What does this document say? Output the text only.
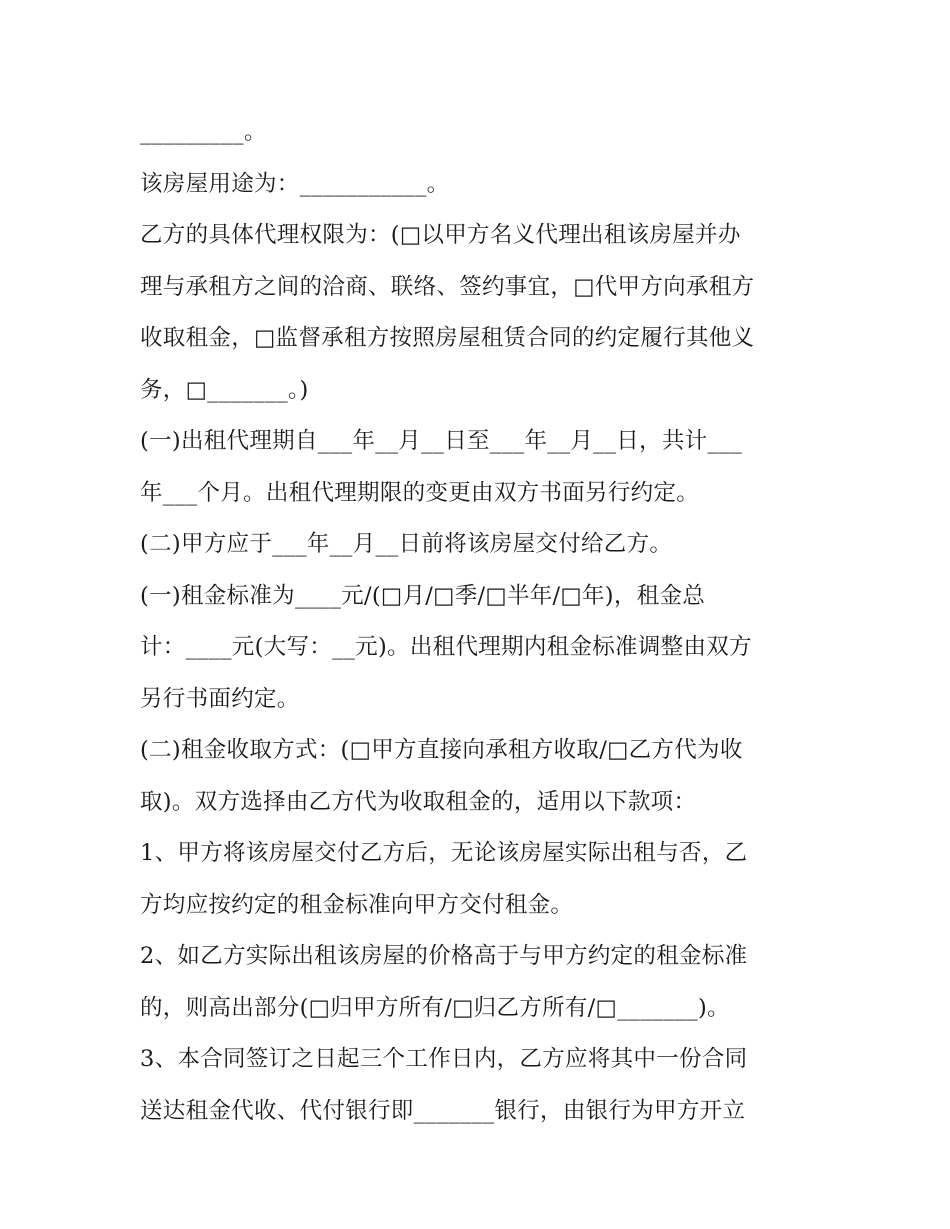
_________。
该房屋用途为：___________。
乙方的具体代理权限为：(□以甲方名义代理出租该房屋并办
理与承租方之间的洽商、联络、签约事宜，□代甲方向承租方
收取租金，□监督承租方按照房屋租赁合同的约定履行其他义
务，□_______。)
(一)出租代理期自___年__月__日至___年__月__日，共计___
年___个月。出租代理期限的变更由双方书面另行约定。
(二)甲方应于___年__月__日前将该房屋交付给乙方。
(一)租金标准为____元/(□月/□季/□半年/□年)，租金总
计：____元(大写：__元)。出租代理期内租金标准调整由双方
另行书面约定。
(二)租金收取方式：(□甲方直接向承租方收取/□乙方代为收
取)。双方选择由乙方代为收取租金的，适用以下款项：
1、甲方将该房屋交付乙方后，无论该房屋实际出租与否，乙
方均应按约定的租金标准向甲方交付租金。
2、如乙方实际出租该房屋的价格高于与甲方约定的租金标准
的，则高出部分(□归甲方所有/□归乙方所有/□_______)。
3、本合同签订之日起三个工作日内，乙方应将其中一份合同
送达租金代收、代付银行即_______银行，由银行为甲方开立
